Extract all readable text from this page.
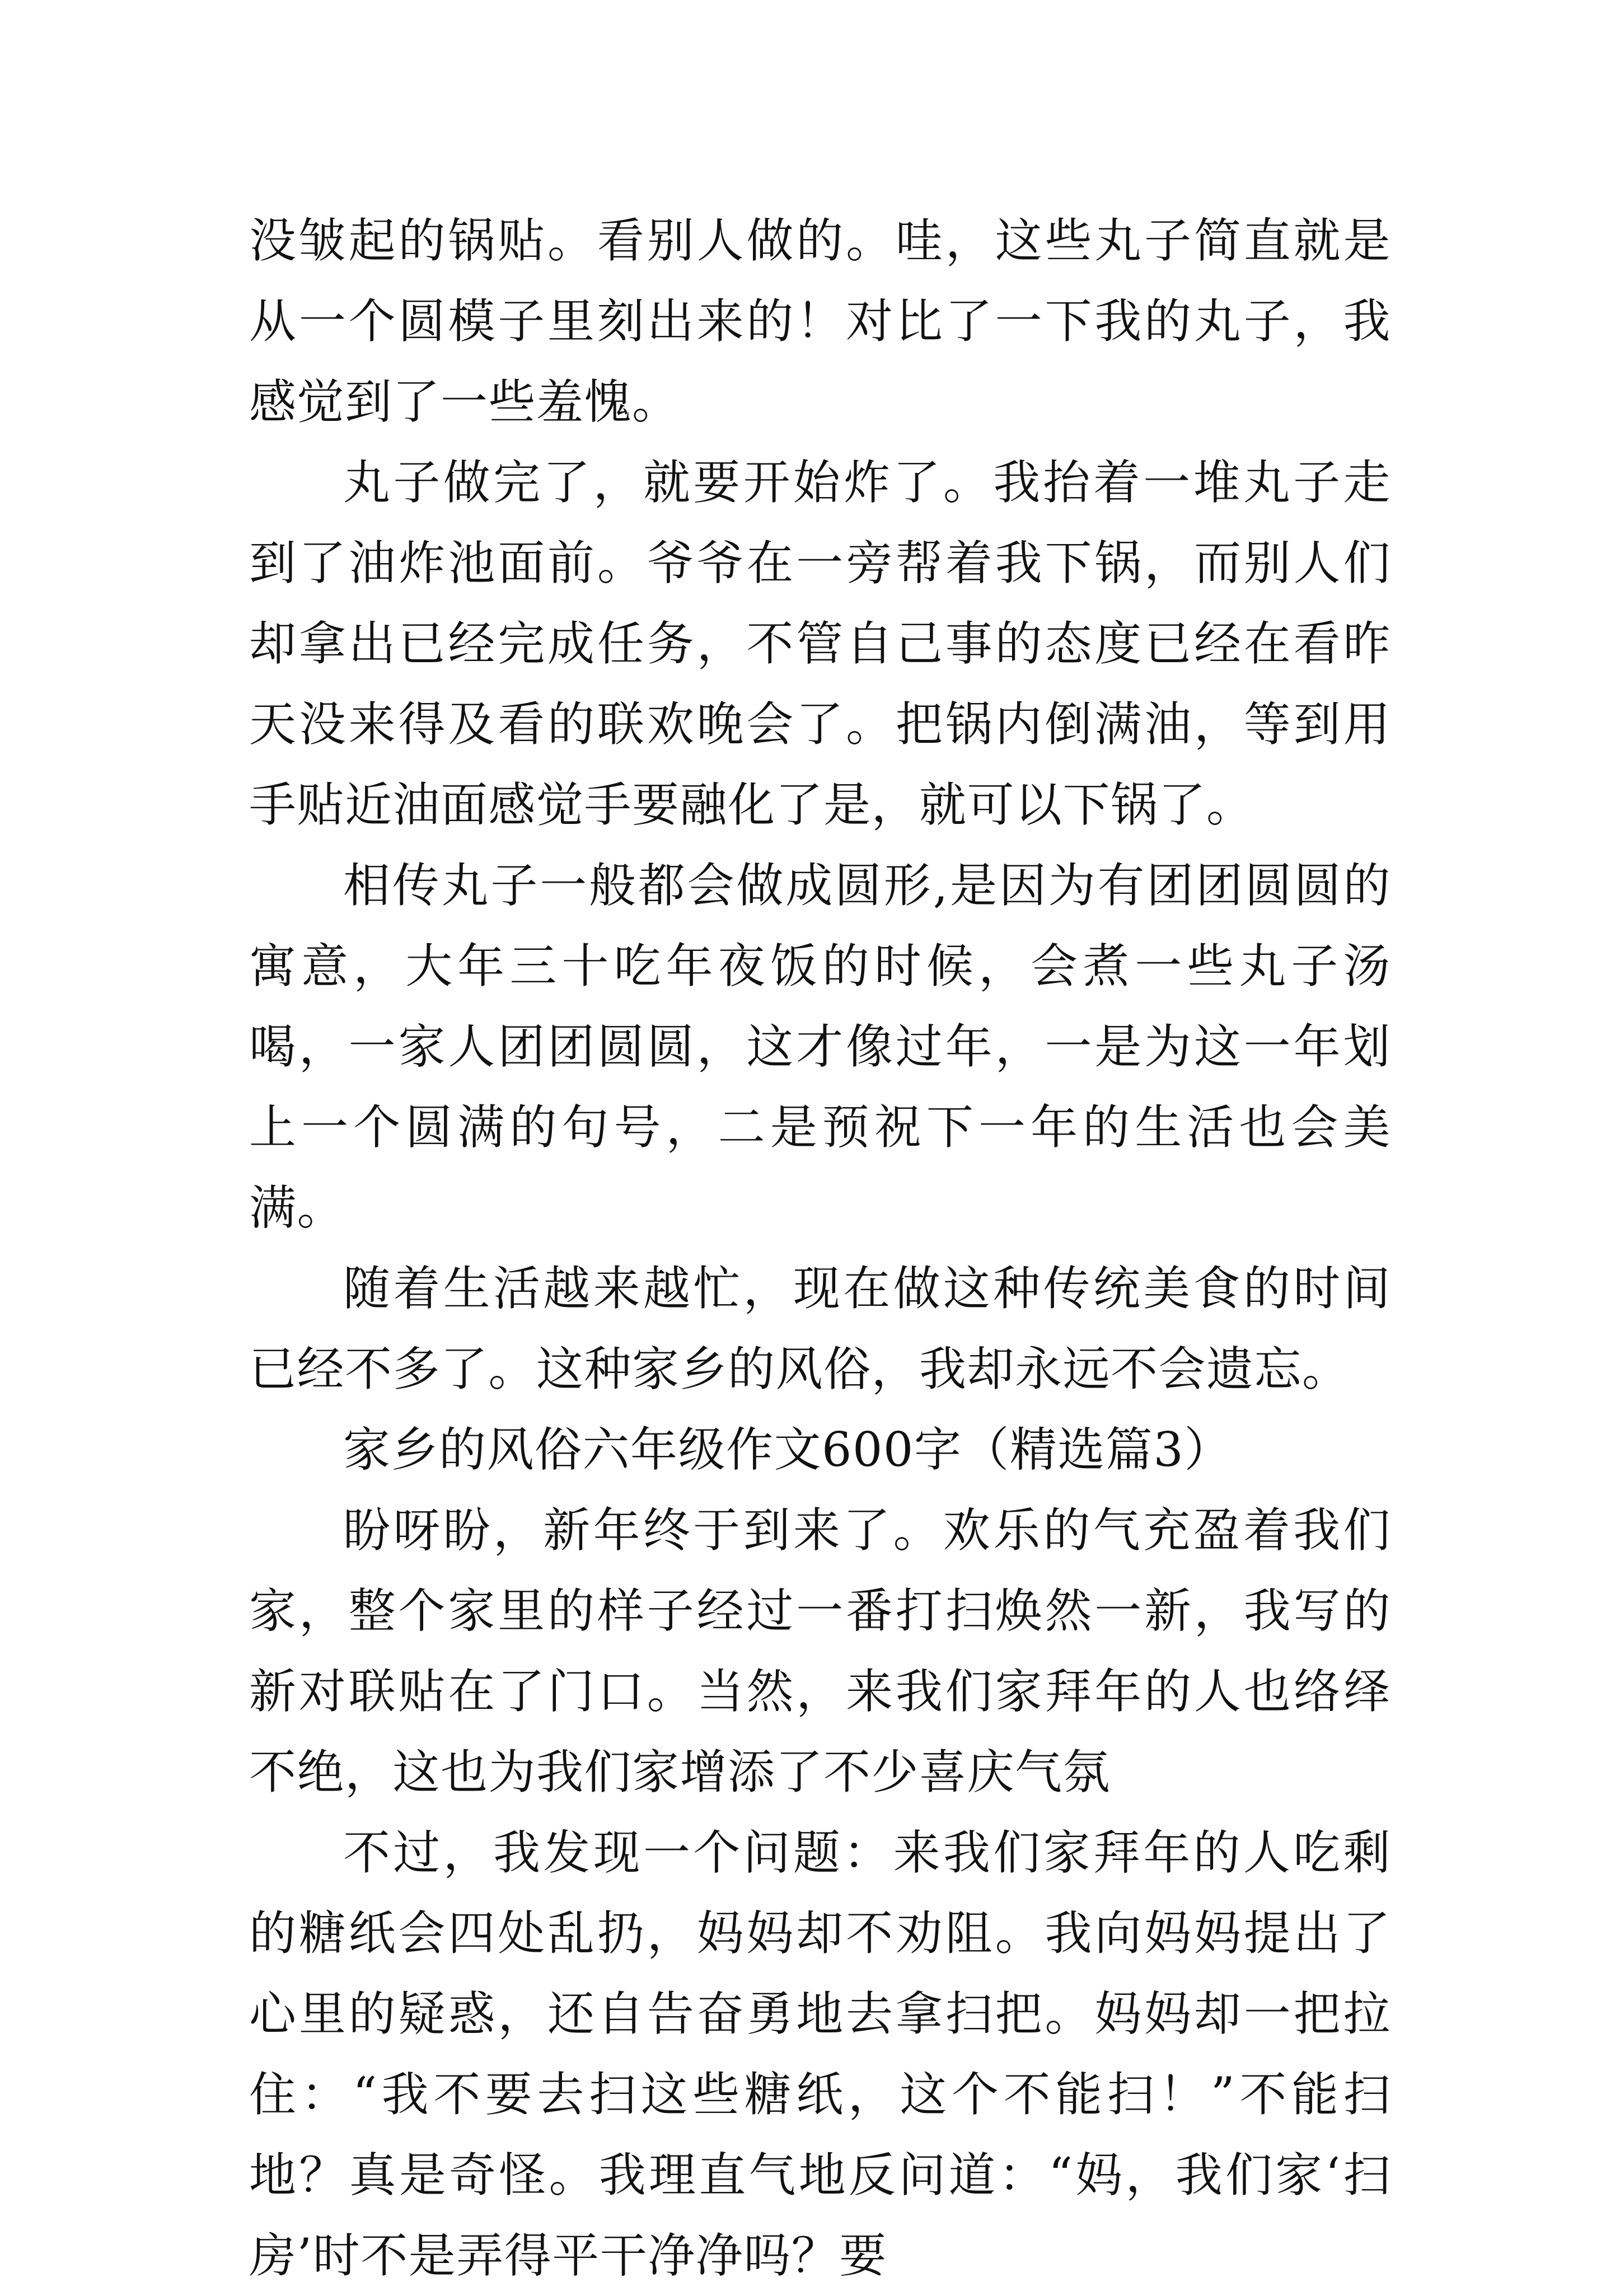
没皱起的锅贴。看别人做的。哇，这些丸子简直就是从一个圆模子里刻出来的！对比了一下我的丸子，我感觉到了一些羞愧。

丸子做完了，就要开始炸了。我抬着一堆丸子走到了油炸池面前。爷爷在一旁帮着我下锅，而别人们却拿出已经完成任务，不管自己事的态度已经在看昨天没来得及看的联欢晚会了。把锅内倒满油，等到用手贴近油面感觉手要融化了是，就可以下锅了。

相传丸子一般都会做成圆形,是因为有团团圆圆的寓意，大年三十吃年夜饭的时候，会煮一些丸子汤喝，一家人团团圆圆，这才像过年，一是为这一年划上一个圆满的句号，二是预祝下一年的生活也会美满。

随着生活越来越忙，现在做这种传统美食的时间已经不多了。这种家乡的风俗，我却永远不会遗忘。

家乡的风俗六年级作文600字（精选篇3）

盼呀盼，新年终于到来了。欢乐的气充盈着我们家，整个家里的样子经过一番打扫焕然一新，我写的新对联贴在了门口。当然，来我们家拜年的人也络绎不绝，这也为我们家增添了不少喜庆气氛

不过，我发现一个问题：来我们家拜年的人吃剩的糖纸会四处乱扔，妈妈却不劝阻。我向妈妈提出了心里的疑惑，还自告奋勇地去拿扫把。妈妈却一把拉住：“我不要去扫这些糖纸，这个不能扫！”不能扫地？真是奇怪。我理直气地反问道：“妈，我们家‘扫房’时不是弄得平干净净吗？要
